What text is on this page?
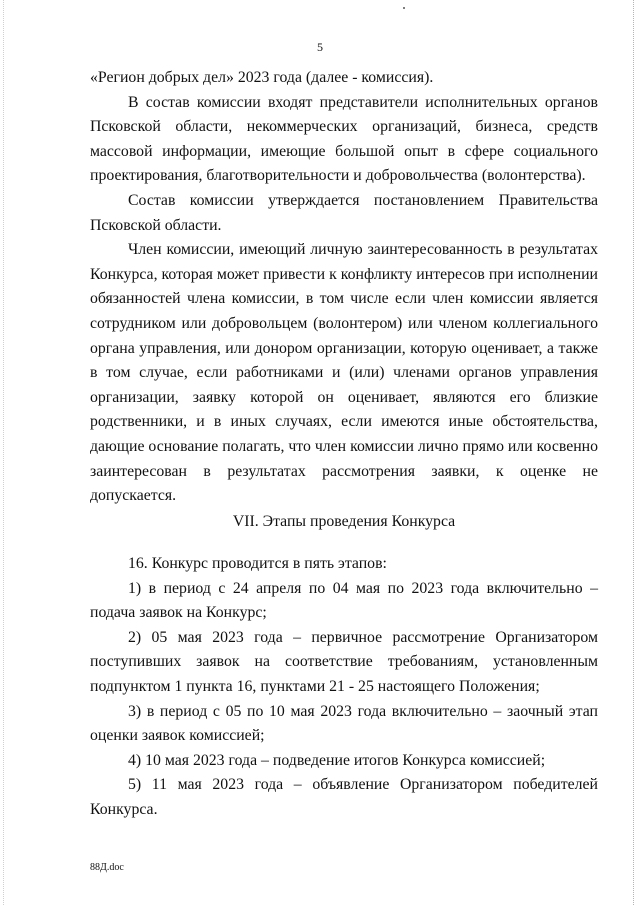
5

«Регион добрых дел» 2023 года (далее - комиссия).

В состав комиссии входят представители исполнительных органов Псковской области, некоммерческих организаций, бизнеса, средств массовой информации, имеющие большой опыт в сфере социального проектирования, благотворительности и добровольчества (волонтерства).

Состав комиссии утверждается постановлением Правительства Псковской области.

Член комиссии, имеющий личную заинтересованность в результатах Конкурса, которая может привести к конфликту интересов при исполнении обязанностей члена комиссии, в том числе если член комиссии является сотрудником или добровольцем (волонтером) или членом коллегиального органа управления, или донором организации, которую оценивает, а также в том случае, если работниками и (или) членами органов управления организации, заявку которой он оценивает, являются его близкие родственники, и в иных случаях, если имеются иные обстоятельства, дающие основание полагать, что член комиссии лично прямо или косвенно заинтересован в результатах рассмотрения заявки, к оценке не допускается.

VII. Этапы проведения Конкурса

16. Конкурс проводится в пять этапов:

1) в период с 24 апреля по 04 мая по 2023 года включительно – подача заявок на Конкурс;

2) 05 мая 2023 года – первичное рассмотрение Организатором поступивших заявок на соответствие требованиям, установленным подпунктом 1 пункта 16, пунктами 21 - 25 настоящего Положения;

3) в период с 05 по 10 мая 2023 года включительно – заочный этап оценки заявок комиссией;

4) 10 мая 2023 года – подведение итогов Конкурса комиссией;

5) 11 мая 2023 года – объявление Организатором победителей Конкурса.

88Д.doc
